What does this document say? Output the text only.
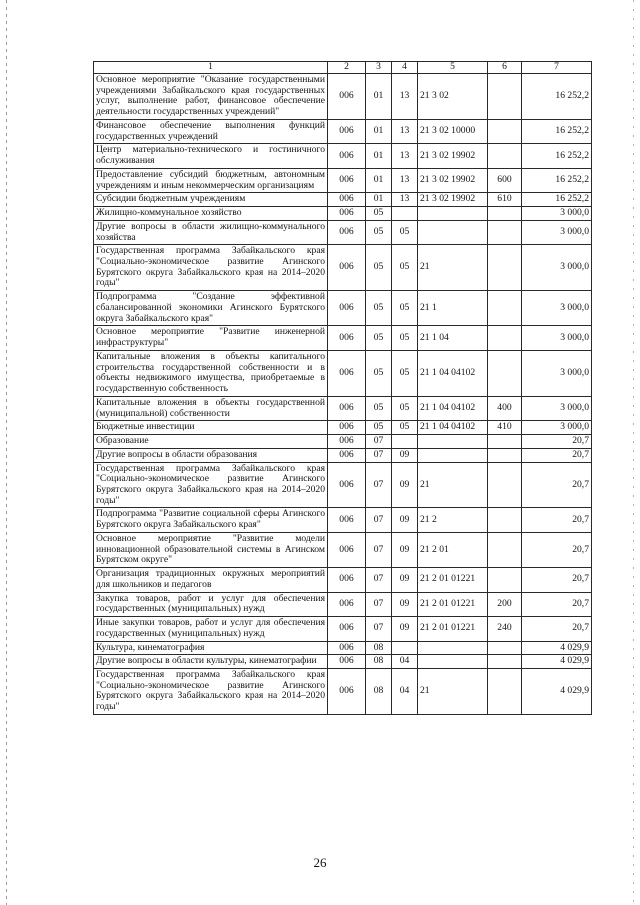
1	2	3	4	5	6	7
Основное мероприятие "Оказание государственными учреждениями Забайкальского края государственных услуг, выполнение работ, финансовое обеспечение деятельности государственных учреждений"	006	01	13	21 3 02		16 252,2
Финансовое обеспечение выполнения функций государственных учреждений	006	01	13	21 3 02 10000		16 252,2
Центр материально-технического и гостиничного обслуживания	006	01	13	21 3 02 19902		16 252,2
Предоставление субсидий бюджетным, автономным учреждениям и иным некоммерческим организациям	006	01	13	21 3 02 19902	600	16 252,2
Субсидии бюджетным учреждениям	006	01	13	21 3 02 19902	610	16 252,2
Жилищно-коммунальное хозяйство	006	05				3 000,0
Другие вопросы в области жилищно-коммунального хозяйства	006	05	05			3 000,0
Государственная программа Забайкальского края "Социально-экономическое развитие Агинского Бурятского округа Забайкальского края на 2014–2020 годы"	006	05	05	21		3 000,0
Подпрограмма "Создание эффективной сбалансированной экономики Агинского Бурятского округа Забайкальского края"	006	05	05	21 1		3 000,0
Основное мероприятие "Развитие инженерной инфраструктуры"	006	05	05	21 1 04		3 000,0
Капитальные вложения в объекты капитального строительства государственной собственности и в объекты недвижимого имущества, приобретаемые в государственную собственность	006	05	05	21 1 04 04102		3 000,0
Капитальные вложения в объекты государственной (муниципальной) собственности	006	05	05	21 1 04 04102	400	3 000,0
Бюджетные инвестиции	006	05	05	21 1 04 04102	410	3 000,0
Образование	006	07				20,7
Другие вопросы в области образования	006	07	09			20,7
Государственная программа Забайкальского края "Социально-экономическое развитие Агинского Бурятского округа Забайкальского края на 2014–2020 годы"	006	07	09	21		20,7
Подпрограмма "Развитие социальной сферы Агинского Бурятского округа Забайкальского края"	006	07	09	21 2		20,7
Основное мероприятие "Развитие модели инновационной образовательной системы в Агинском Бурятском округе"	006	07	09	21 2 01		20,7
Организация традиционных окружных мероприятий для школьников и педагогов	006	07	09	21 2 01 01221		20,7
Закупка товаров, работ и услуг для обеспечения государственных (муниципальных) нужд	006	07	09	21 2 01 01221	200	20,7
Иные закупки товаров, работ и услуг для обеспечения государственных (муниципальных) нужд	006	07	09	21 2 01 01221	240	20,7
Культура, кинематография	006	08				4 029,9
Другие вопросы в области культуры, кинематографии	006	08	04			4 029,9
Государственная программа Забайкальского края "Социально-экономическое развитие Агинского Бурятского округа Забайкальского края на 2014–2020 годы"	006	08	04	21		4 029,9
26
